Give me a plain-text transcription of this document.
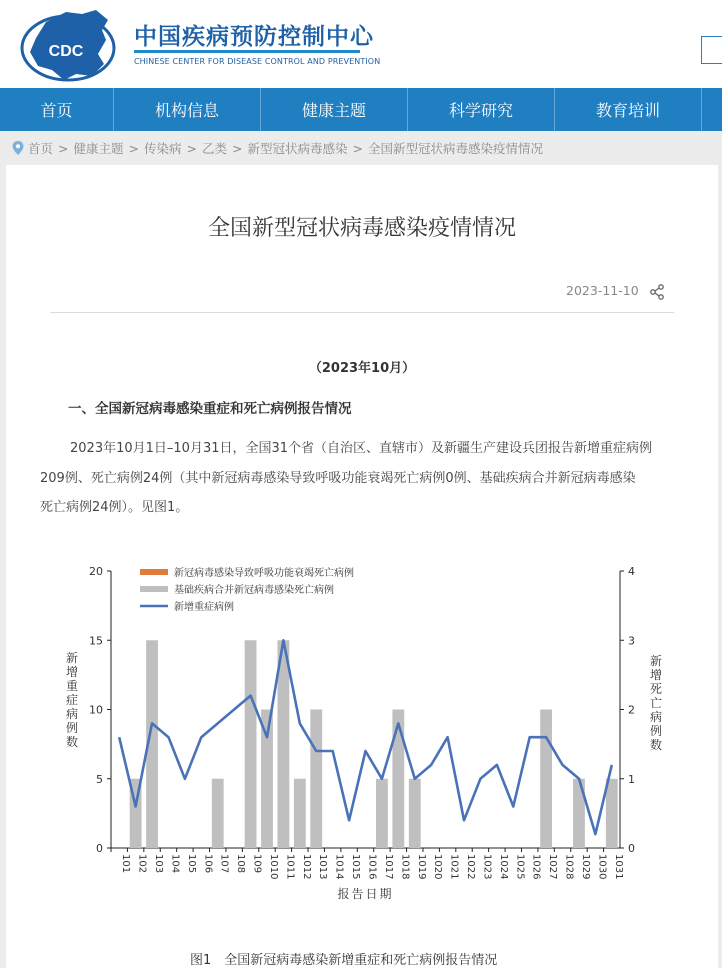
CDC
中国疾病预防控制中心
CHINESE CENTER FOR DISEASE CONTROL AND PREVENTION
首页	机构信息	健康主题	科学研究	教育培训
首页 > 健康主题 > 传染病 > 乙类 > 新型冠状病毒感染 > 全国新型冠状病毒感染疫情情况
全国新型冠状病毒感染疫情情况
2023-11-10
（2023年10月）
一、全国新冠病毒感染重症和死亡病例报告情况
2023年10月1日–10月31日，全国31个省（自治区、直辖市）及新疆生产建设兵团报告新增重症病例
209例、死亡病例24例（其中新冠病毒感染导致呼吸功能衰竭死亡病例0例、基础疾病合并新冠病毒感染
死亡病例24例）。见图1。
0
5
10
15
20
0
1
2
3
4
101 102 103 104 105 106 107 108 109 1010 1011 1012 1013 1014 1015 1016 1017 1018 1019 1020 1021 1022 1023 1024 1025 1026 1027 1028 1029 1030 1031
报告日期
新
增
重
症
病
例
数
新
增
死
亡
病
例
数
新冠病毒感染导致呼吸功能衰竭死亡病例
基础疾病合并新冠病毒感染死亡病例
新增重症病例
图1　全国新冠病毒感染新增重症和死亡病例报告情况
